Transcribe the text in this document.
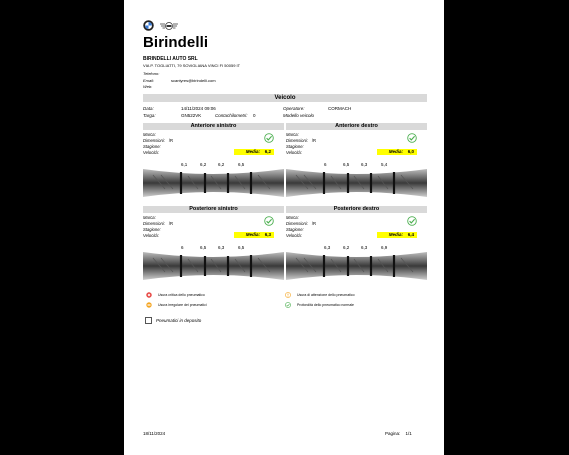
Birindelli
BIRINDELLI AUTO SRL
VIA P. TOGLIATTI, 79 SOVIGLIANA VINCI FI 50059 IT
Telefono:
Email:	scantyres@birindelli.com
Web:
Veicolo
Data:	14/11/2024 09:06	Operatore:	CORMACH
Targa:	GN522VK	Contachilometri:	0	Modello veicolo
Anteriore sinistro
Marca:
Dimensioni: /R
Stagione:
Velocità:	Media: 6,2
6,1	6,2	6,2	6,5
Anteriore destro
Marca:
Dimensioni: /R
Stagione:
Velocità:	Media: 6,0
6	6,5	6,3	5,4
Posteriore sinistro
Marca:
Dimensioni: /R
Stagione:
Velocità:	Media: 6,3
6	6,5	6,3	6,5
Posteriore destro
Marca:
Dimensioni: /R
Stagione:
Velocità:	Media: 6,4
6,3	6,2	6,3	6,9
Usura critica dello pneumatico
Usura irregolare dei pneumatici
Usura di attenzione dello pneumatico
Profondità dello pneumatico normale
Pneumatici in deposito
18/11/2024	Pagina: 1/1
